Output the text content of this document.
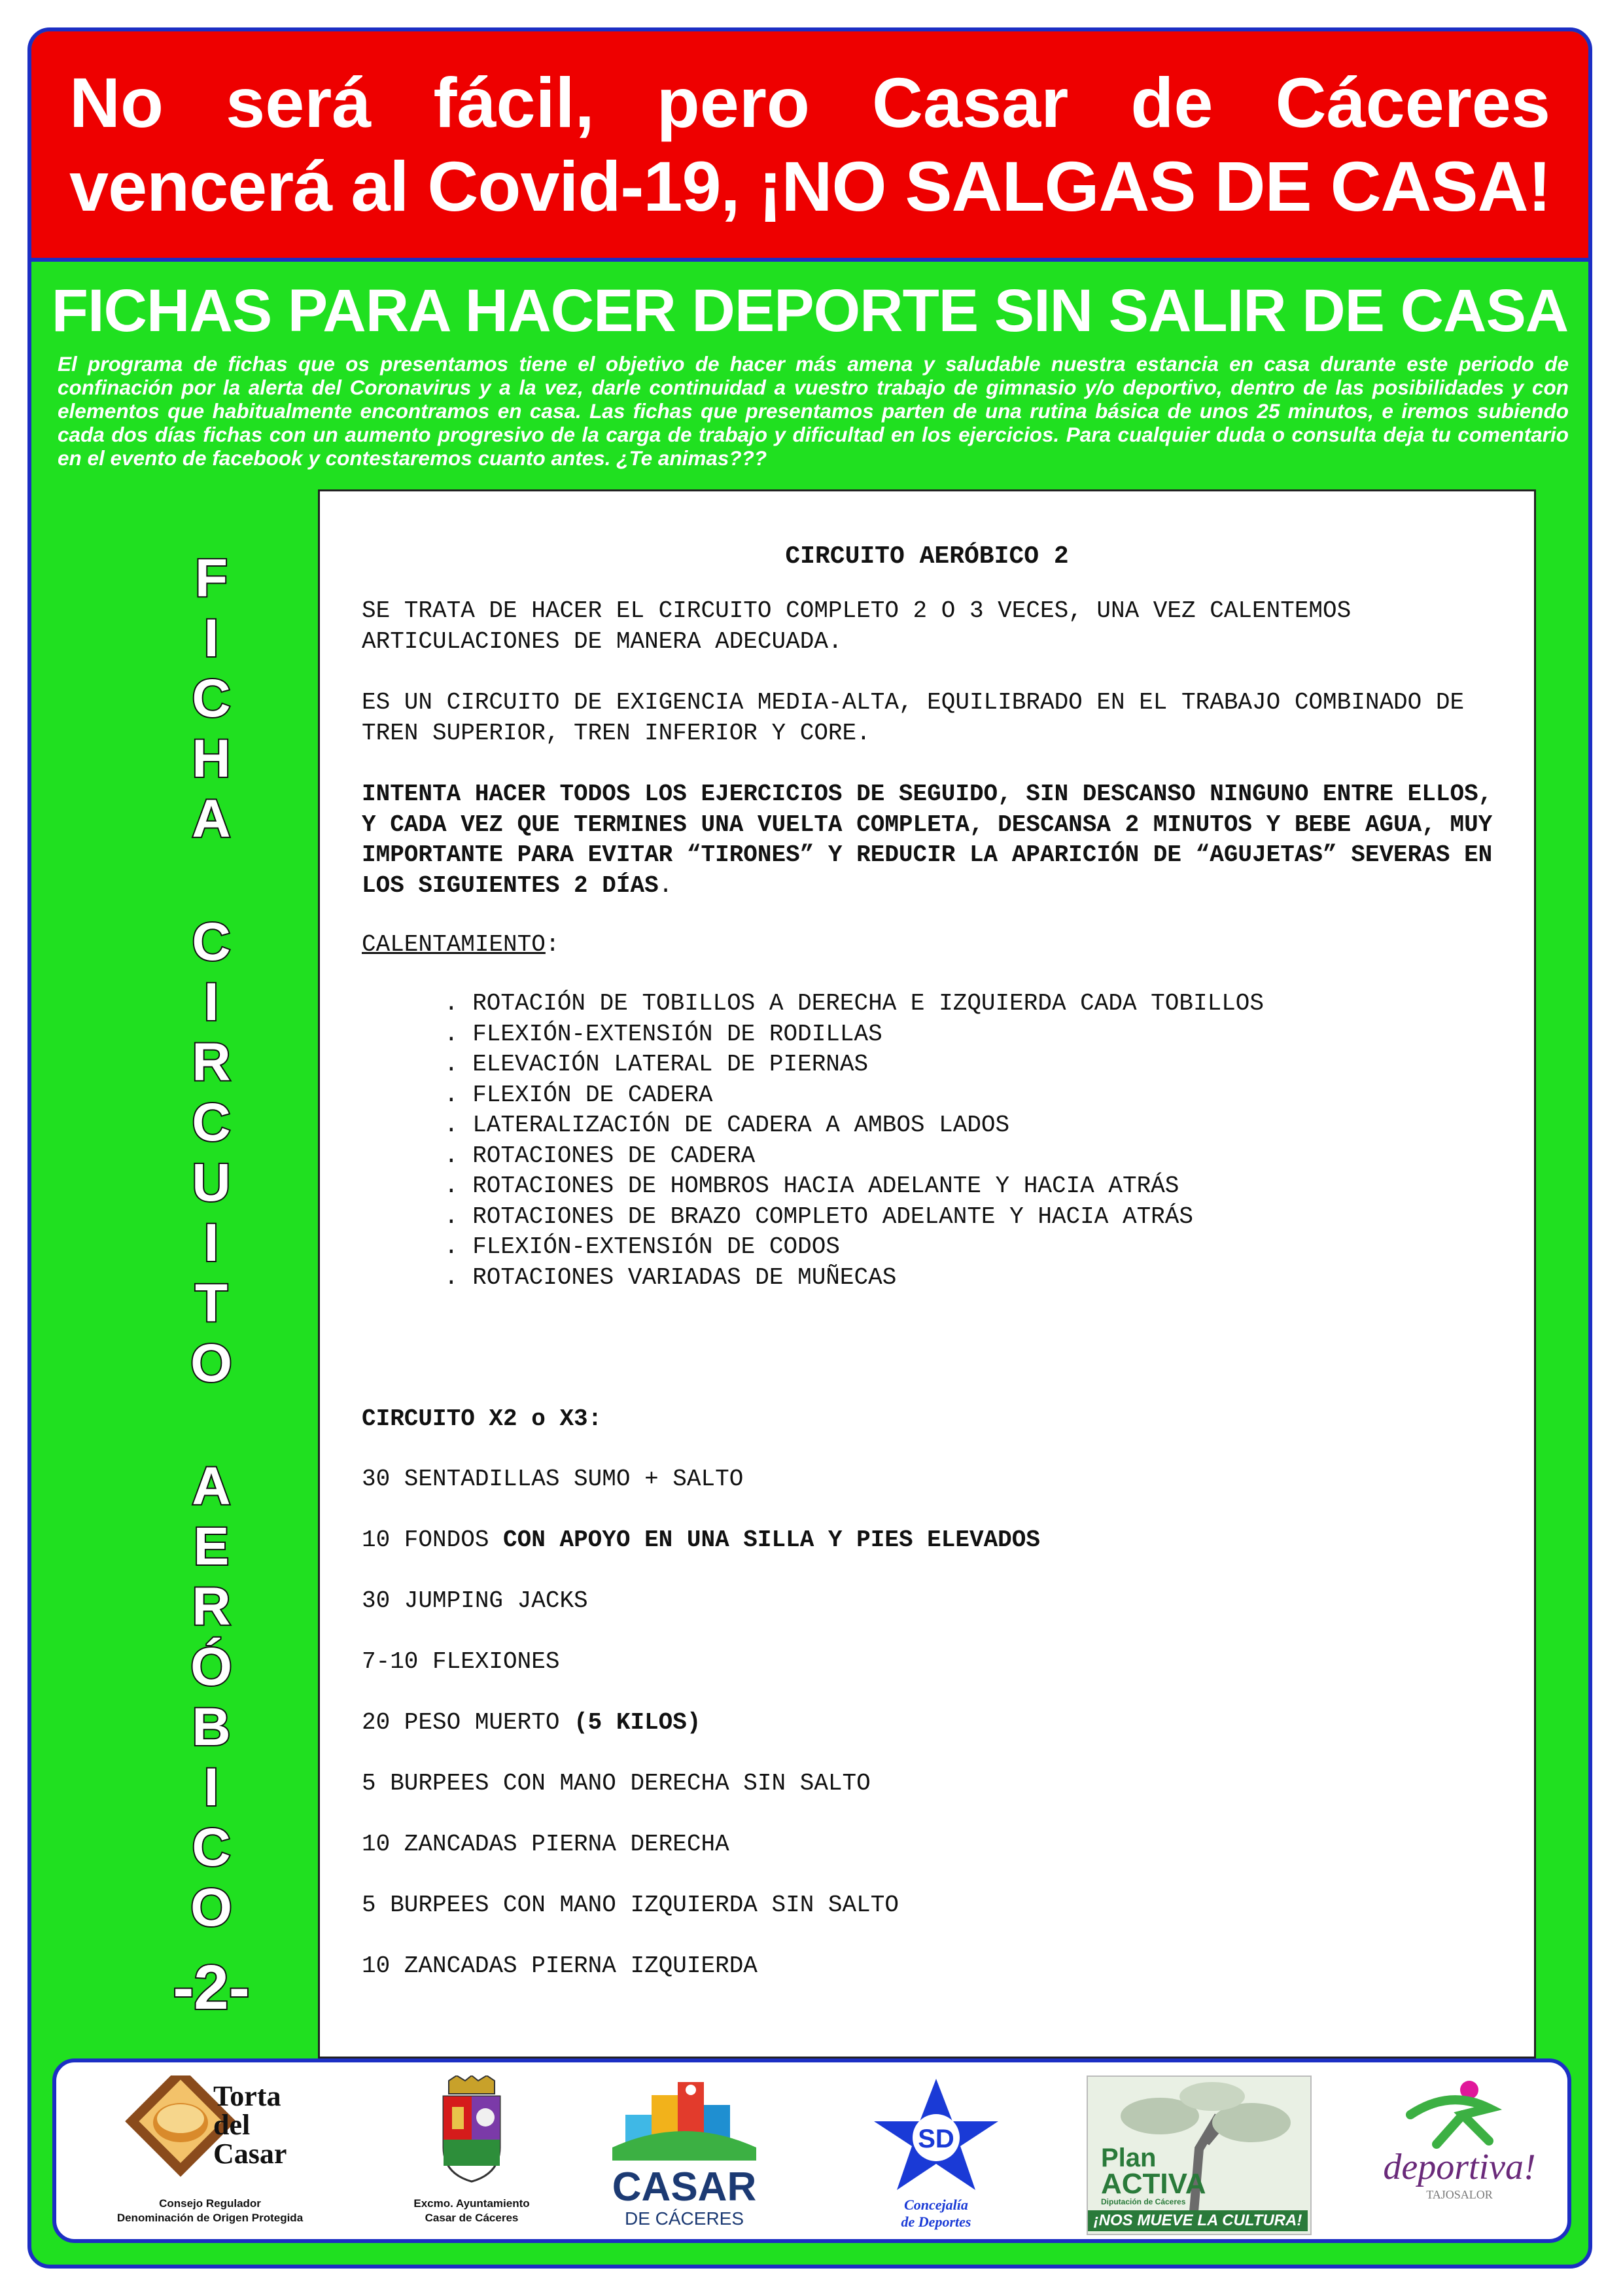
No será fácil, pero Casar de Cáceres
vencerá al Covid-19, ¡NO SALGAS DE CASA!
FICHAS PARA HACER DEPORTE SIN SALIR DE CASA
El programa de fichas que os presentamos tiene el objetivo de hacer más amena y saludable nuestra estancia en casa durante este periodo de confinación por la alerta del Coronavirus y a la vez, darle continuidad a vuestro trabajo de gimnasio y/o deportivo, dentro de las posibilidades y con elementos que habitualmente encontramos en casa. Las fichas que presentamos parten de una rutina básica de unos 25 minutos, e iremos subiendo cada dos días fichas con un aumento progresivo de la carga de trabajo y dificultad en los ejercicios. Para cualquier duda o consulta deja tu comentario en el evento de facebook y contestaremos cuanto antes. ¿Te animas???
F
I
C
H
A
C
I
R
C
U
I
T
O
A
E
R
Ó
B
I
C
O
-2-
CIRCUITO AERÓBICO 2
SE TRATA DE HACER EL CIRCUITO COMPLETO 2 O 3 VECES, UNA VEZ CALENTEMOS
ARTICULACIONES DE MANERA ADECUADA.
ES UN CIRCUITO DE EXIGENCIA MEDIA-ALTA, EQUILIBRADO EN EL TRABAJO COMBINADO DE
TREN SUPERIOR, TREN INFERIOR Y CORE.
INTENTA HACER TODOS LOS EJERCICIOS DE SEGUIDO, SIN DESCANSO NINGUNO ENTRE ELLOS,
Y CADA VEZ QUE TERMINES UNA VUELTA COMPLETA, DESCANSA 2 MINUTOS Y BEBE AGUA, MUY
IMPORTANTE PARA EVITAR “TIRONES” Y REDUCIR LA APARICIÓN DE “AGUJETAS” SEVERAS EN
LOS SIGUIENTES 2 DÍAS.
CALENTAMIENTO:
. ROTACIÓN DE TOBILLOS A DERECHA E IZQUIERDA CADA TOBILLOS
. FLEXIÓN-EXTENSIÓN DE RODILLAS
. ELEVACIÓN LATERAL DE PIERNAS
. FLEXIÓN DE CADERA
. LATERALIZACIÓN DE CADERA A AMBOS LADOS
. ROTACIONES DE CADERA
. ROTACIONES DE HOMBROS HACIA ADELANTE Y HACIA ATRÁS
. ROTACIONES DE BRAZO COMPLETO ADELANTE Y HACIA ATRÁS
. FLEXIÓN-EXTENSIÓN DE CODOS
. ROTACIONES VARIADAS DE MUÑECAS
CIRCUITO X2 o X3:
30 SENTADILLAS SUMO + SALTO
10 FONDOS CON APOYO EN UNA SILLA Y PIES ELEVADOS
30 JUMPING JACKS
7-10 FLEXIONES
20 PESO MUERTO (5 KILOS)
5 BURPEES CON MANO DERECHA SIN SALTO
10 ZANCADAS PIERNA DERECHA
5 BURPEES CON MANO IZQUIERDA SIN SALTO
10 ZANCADAS PIERNA IZQUIERDA
Torta
del
Casar
Consejo Regulador
Denominación de Origen Protegida
Excmo. Ayuntamiento
Casar de Cáceres
CASAR
DE CÁCERES
SD
Concejalía
de Deportes
Plan
ACTIVA
Diputación de Cáceres
¡NOS MUEVE LA CULTURA!
deportiva!
TAJOSALOR
